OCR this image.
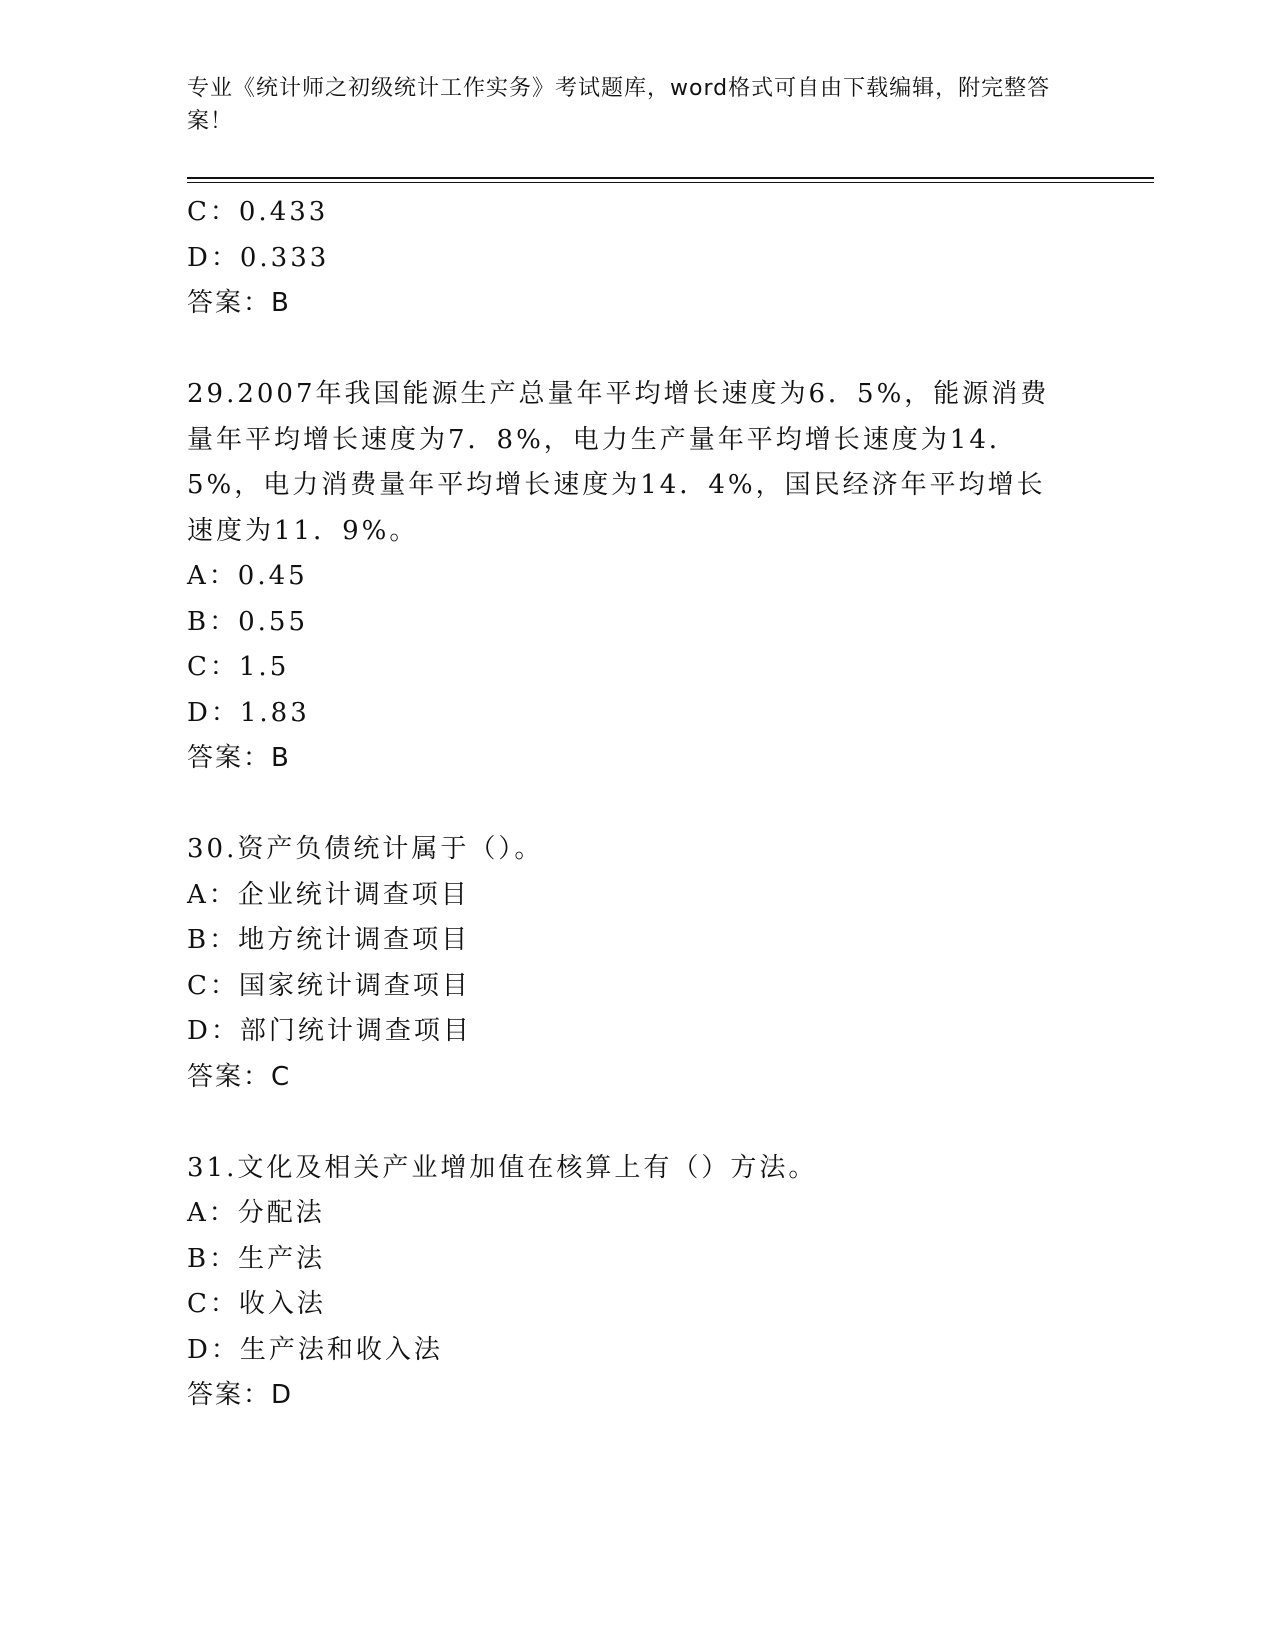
专业《统计师之初级统计工作实务》考试题库，word格式可自由下载编辑，附完整答案！
C：0.433
D：0.333
答案：B
29.2007年我国能源生产总量年平均增长速度为6．5%，能源消费量年平均增长速度为7．8%，电力生产量年平均增长速度为14．5%，电力消费量年平均增长速度为14．4%，国民经济年平均增长速度为11．9%。
A：0.45
B：0.55
C：1.5
D：1.83
答案：B
30.资产负债统计属于（）。
A：企业统计调查项目
B：地方统计调查项目
C：国家统计调查项目
D：部门统计调查项目
答案：C
31.文化及相关产业增加值在核算上有（）方法。
A：分配法
B：生产法
C：收入法
D：生产法和收入法
答案：D
